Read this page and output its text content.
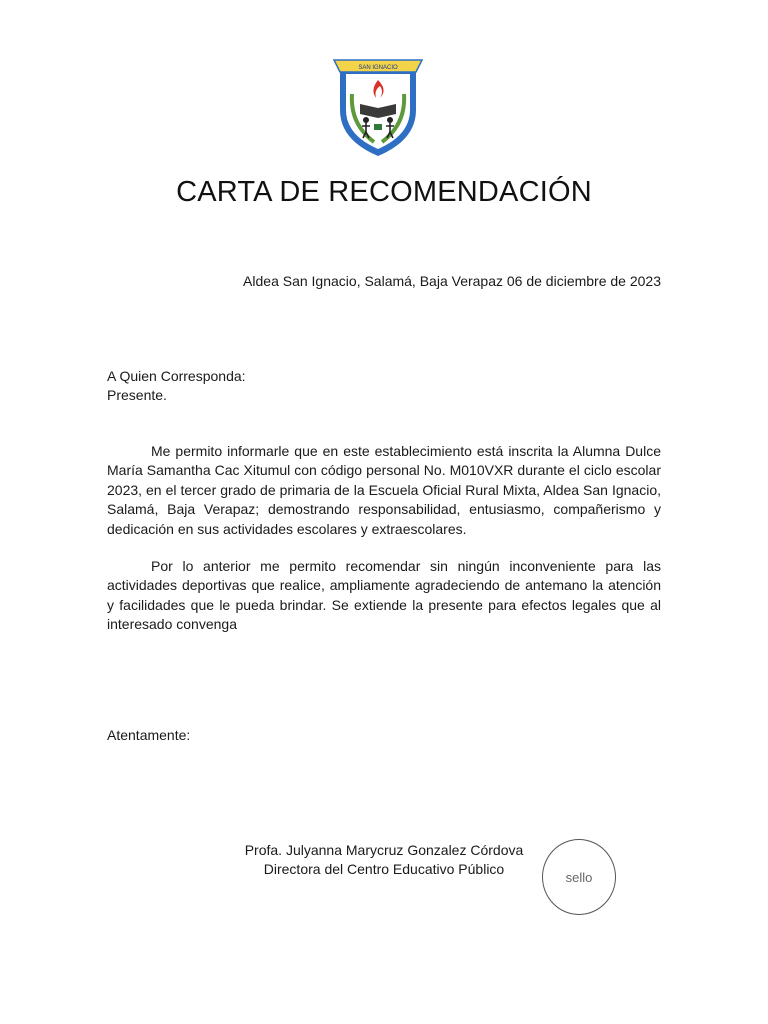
SAN IGNACIO
CARTA DE RECOMENDACIÓN
Aldea San Ignacio, Salamá, Baja Verapaz 06 de diciembre de 2023
A Quien Corresponda:
Presente.

Me permito informarle que en este establecimiento está inscrita la Alumna Dulce María Samantha Cac Xitumul con código personal No. M010VXR durante el ciclo escolar 2023, en el tercer grado de primaria de la Escuela Oficial Rural Mixta, Aldea San Ignacio, Salamá, Baja Verapaz; demostrando responsabilidad, entusiasmo, compañerismo y dedicación en sus actividades escolares y extraescolares.

Por lo anterior me permito recomendar sin ningún inconveniente para las actividades deportivas que realice, ampliamente agradeciendo de antemano la atención y facilidades que le pueda brindar. Se extiende la presente para efectos legales que al interesado convenga

Atentamente:
Profa. Julyanna Marycruz Gonzalez Córdova
Directora del Centro Educativo Público	sello
